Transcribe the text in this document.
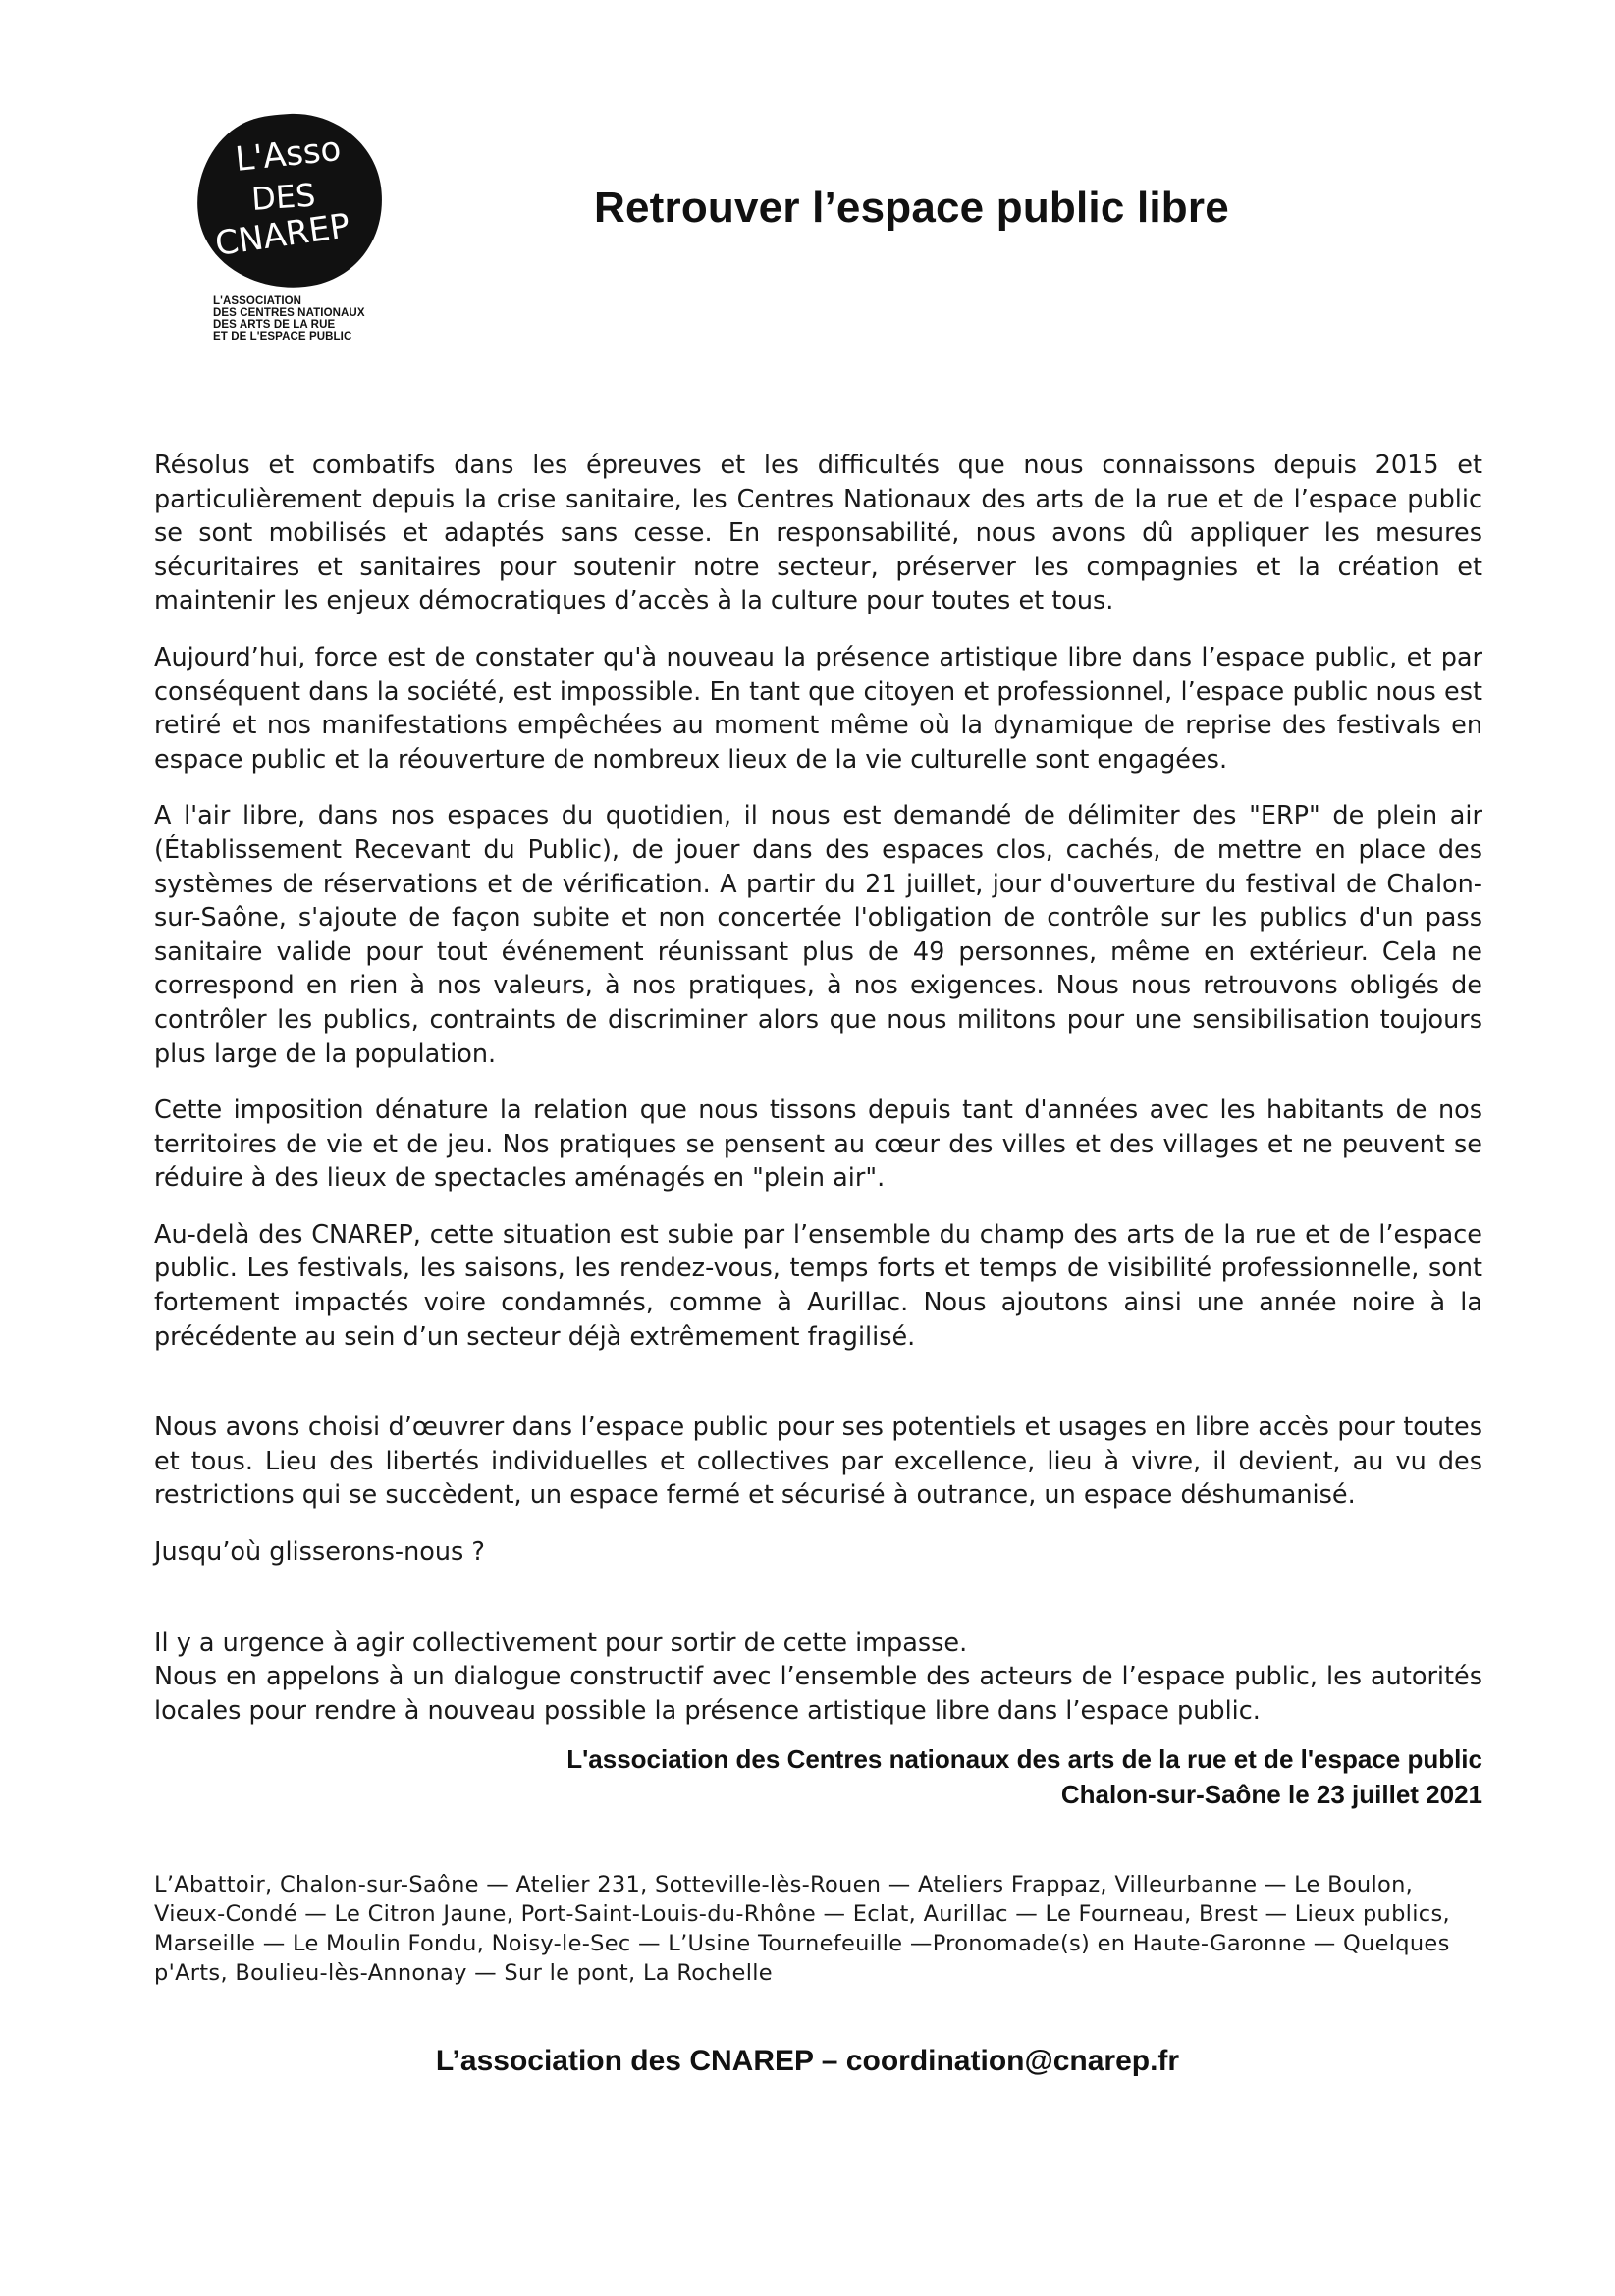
L'Asso
DES
CNAREP
L'ASSOCIATION
DES CENTRES NATIONAUX
DES ARTS DE LA RUE
ET DE L'ESPACE PUBLIC
Retrouver l’espace public libre

Résolus et combatifs dans les épreuves et les difficultés que nous connaissons depuis 2015 et particulièrement depuis la crise sanitaire, les Centres Nationaux des arts de la rue et de l’espace public se sont mobilisés et adaptés sans cesse. En responsabilité, nous avons dû appliquer les mesures sécuritaires et sanitaires pour soutenir notre secteur, préserver les compagnies et la création et maintenir les enjeux démocratiques d’accès à la culture pour toutes et tous.

Aujourd’hui, force est de constater qu'à nouveau la présence artistique libre dans l’espace public, et par conséquent dans la société, est impossible. En tant que citoyen et professionnel, l’espace public nous est retiré et nos manifestations empêchées au moment même où la dynamique de reprise des festivals en espace public et la réouverture de nombreux lieux de la vie culturelle sont engagées.

A l'air libre, dans nos espaces du quotidien, il nous est demandé de délimiter des "ERP" de plein air (Établissement Recevant du Public), de jouer dans des espaces clos, cachés, de mettre en place des systèmes de réservations et de vérification. A partir du 21 juillet, jour d'ouverture du festival de Chalon-sur-Saône, s'ajoute de façon subite et non concertée l'obligation de contrôle sur les publics d'un pass sanitaire valide pour tout événement réunissant plus de 49 personnes, même en extérieur. Cela ne correspond en rien à nos valeurs, à nos pratiques, à nos exigences. Nous nous retrouvons obligés de contrôler les publics, contraints de discriminer alors que nous militons pour une sensibilisation toujours plus large de la population.

Cette imposition dénature la relation que nous tissons depuis tant d'années avec les habitants de nos territoires de vie et de jeu. Nos pratiques se pensent au cœur des villes et des villages et ne peuvent se réduire à des lieux de spectacles aménagés en "plein air".

Au-delà des CNAREP, cette situation est subie par l’ensemble du champ des arts de la rue et de l’espace public. Les festivals, les saisons, les rendez-vous, temps forts et temps de visibilité professionnelle, sont fortement impactés voire condamnés, comme à Aurillac. Nous ajoutons ainsi une année noire à la précédente au sein d’un secteur déjà extrêmement fragilisé.

Nous avons choisi d’œuvrer dans l’espace public pour ses potentiels et usages en libre accès pour toutes et tous. Lieu des libertés individuelles et collectives par excellence, lieu à vivre, il devient, au vu des restrictions qui se succèdent, un espace fermé et sécurisé à outrance, un espace déshumanisé.

Jusqu’où glisserons-nous ?

Il y a urgence à agir collectivement pour sortir de cette impasse.

Nous en appelons à un dialogue constructif avec l’ensemble des acteurs de l’espace public, les autorités locales pour rendre à nouveau possible la présence artistique libre dans l’espace public.

L'association des Centres nationaux des arts de la rue et de l'espace public
Chalon-sur-Saône le 23 juillet 2021
L’Abattoir, Chalon-sur-Saône — Atelier 231, Sotteville-lès-Rouen — Ateliers Frappaz, Villeurbanne — Le Boulon, Vieux-Condé — Le Citron Jaune, Port-Saint-Louis-du-Rhône — Eclat, Aurillac — Le Fourneau, Brest — Lieux publics, Marseille — Le Moulin Fondu, Noisy-le-Sec — L’Usine Tournefeuille —Pronomade(s) en Haute-Garonne — Quelques p'Arts, Boulieu-lès-Annonay — Sur le pont, La Rochelle
L’association des CNAREP – coordination@cnarep.fr
